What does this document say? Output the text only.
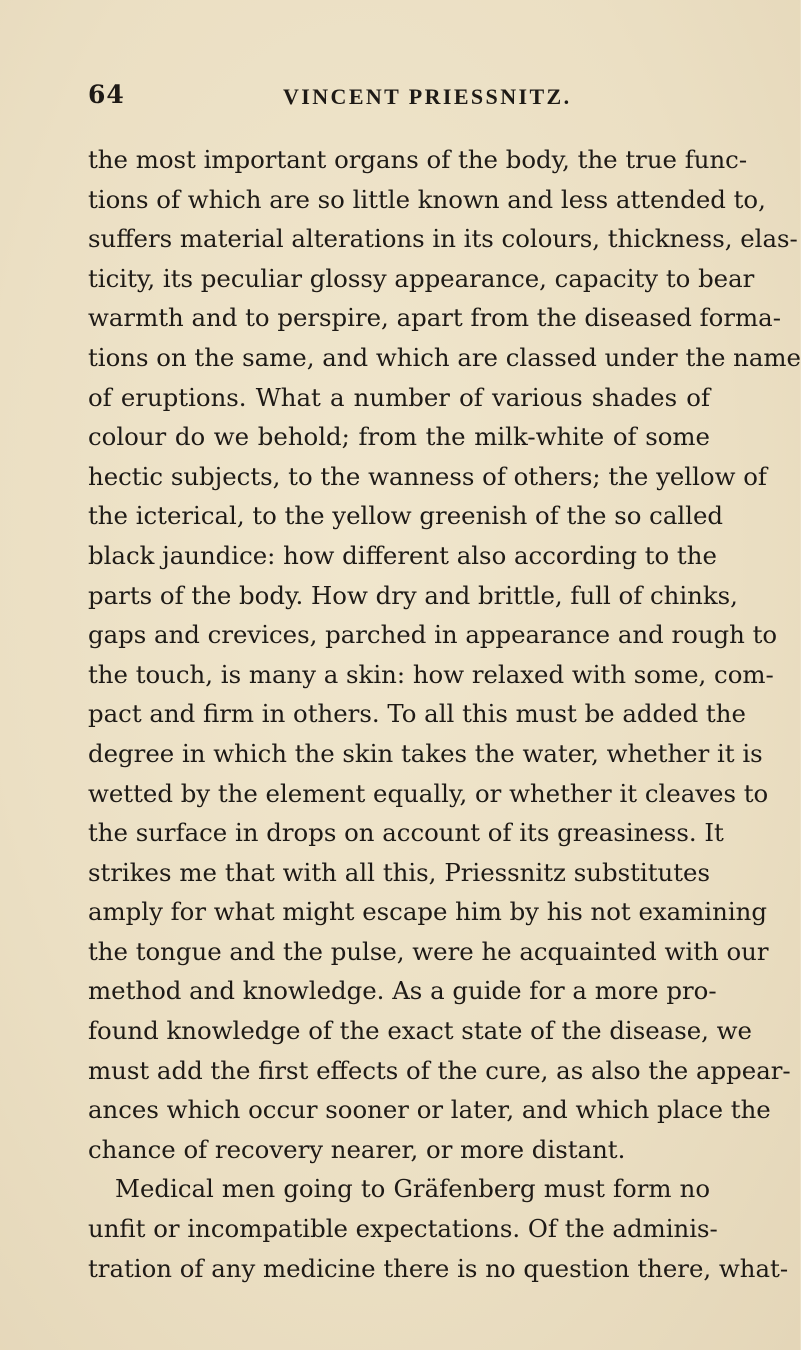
64	VINCENT PRIESSNITZ.
the most important organs of the body, the true func-
tions of which are so little known and less attended to,
suffers material alterations in its colours, thickness, elas-
ticity, its peculiar glossy appearance, capacity to bear
warmth and to perspire, apart from the diseased forma-
tions on the same, and which are classed under the name
of eruptions. What a number of various shades of
colour do we behold; from the milk-white of some
hectic subjects, to the wanness of others; the yellow of
the icterical, to the yellow greenish of the so called
black jaundice: how different also according to the
parts of the body. How dry and brittle, full of chinks,
gaps and crevices, parched in appearance and rough to
the touch, is many a skin: how relaxed with some, com-
pact and firm in others. To all this must be added the
degree in which the skin takes the water, whether it is
wetted by the element equally, or whether it cleaves to
the surface in drops on account of its greasiness. It
strikes me that with all this, Priessnitz substitutes
amply for what might escape him by his not examining
the tongue and the pulse, were he acquainted with our
method and knowledge. As a guide for a more pro-
found knowledge of the exact state of the disease, we
must add the first effects of the cure, as also the appear-
ances which occur sooner or later, and which place the
chance of recovery nearer, or more distant.
Medical men going to Gräfenberg must form no
unfit or incompatible expectations. Of the adminis-
tration of any medicine there is no question there, what-
